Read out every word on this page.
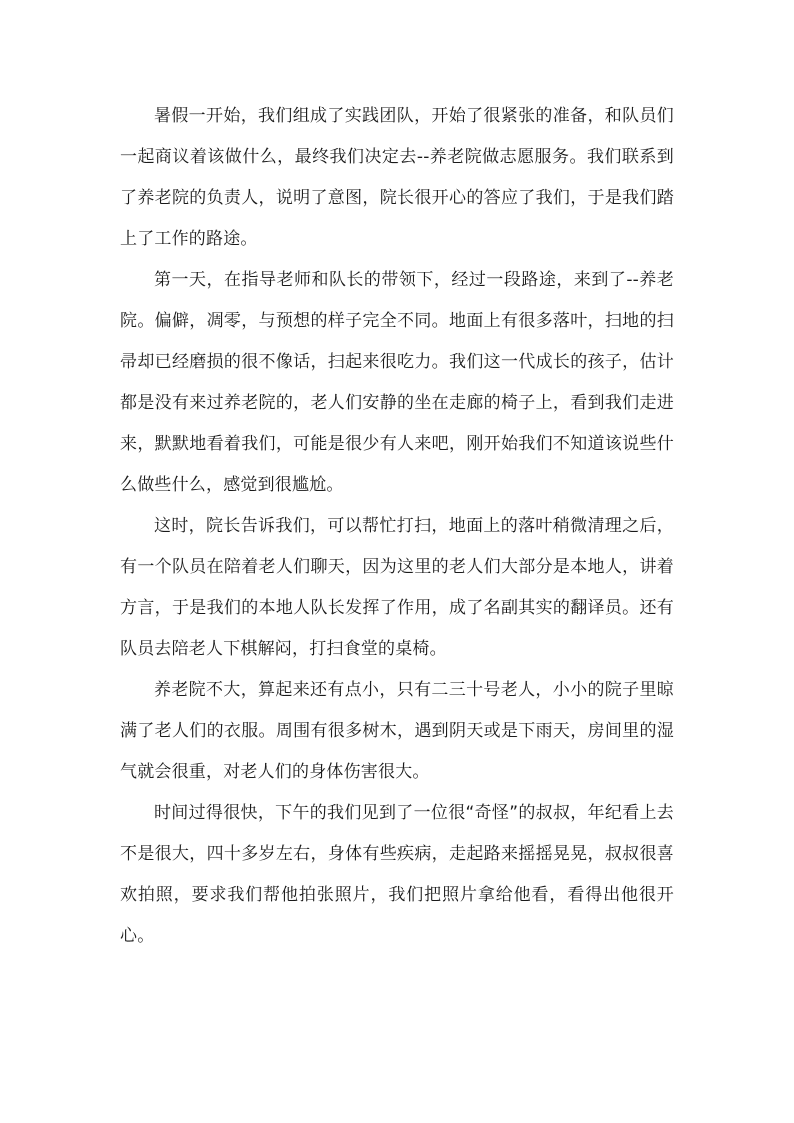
暑假一开始，我们组成了实践团队，开始了很紧张的准备，和队员们一起商议着该做什么，最终我们决定去--养老院做志愿服务。我们联系到了养老院的负责人，说明了意图，院长很开心的答应了我们，于是我们踏上了工作的路途。

第一天，在指导老师和队长的带领下，经过一段路途，来到了--养老院。偏僻，凋零，与预想的样子完全不同。地面上有很多落叶，扫地的扫帚却已经磨损的很不像话，扫起来很吃力。我们这一代成长的孩子，估计都是没有来过养老院的，老人们安静的坐在走廊的椅子上，看到我们走进来，默默地看着我们，可能是很少有人来吧，刚开始我们不知道该说些什么做些什么，感觉到很尴尬。

这时，院长告诉我们，可以帮忙打扫，地面上的落叶稍微清理之后，有一个队员在陪着老人们聊天，因为这里的老人们大部分是本地人，讲着方言，于是我们的本地人队长发挥了作用，成了名副其实的翻译员。还有队员去陪老人下棋解闷，打扫食堂的桌椅。

养老院不大，算起来还有点小，只有二三十号老人，小小的院子里晾满了老人们的衣服。周围有很多树木，遇到阴天或是下雨天，房间里的湿气就会很重，对老人们的身体伤害很大。

时间过得很快，下午的我们见到了一位很“奇怪”的叔叔，年纪看上去不是很大，四十多岁左右，身体有些疾病，走起路来摇摇晃晃，叔叔很喜欢拍照，要求我们帮他拍张照片，我们把照片拿给他看，看得出他很开心。
